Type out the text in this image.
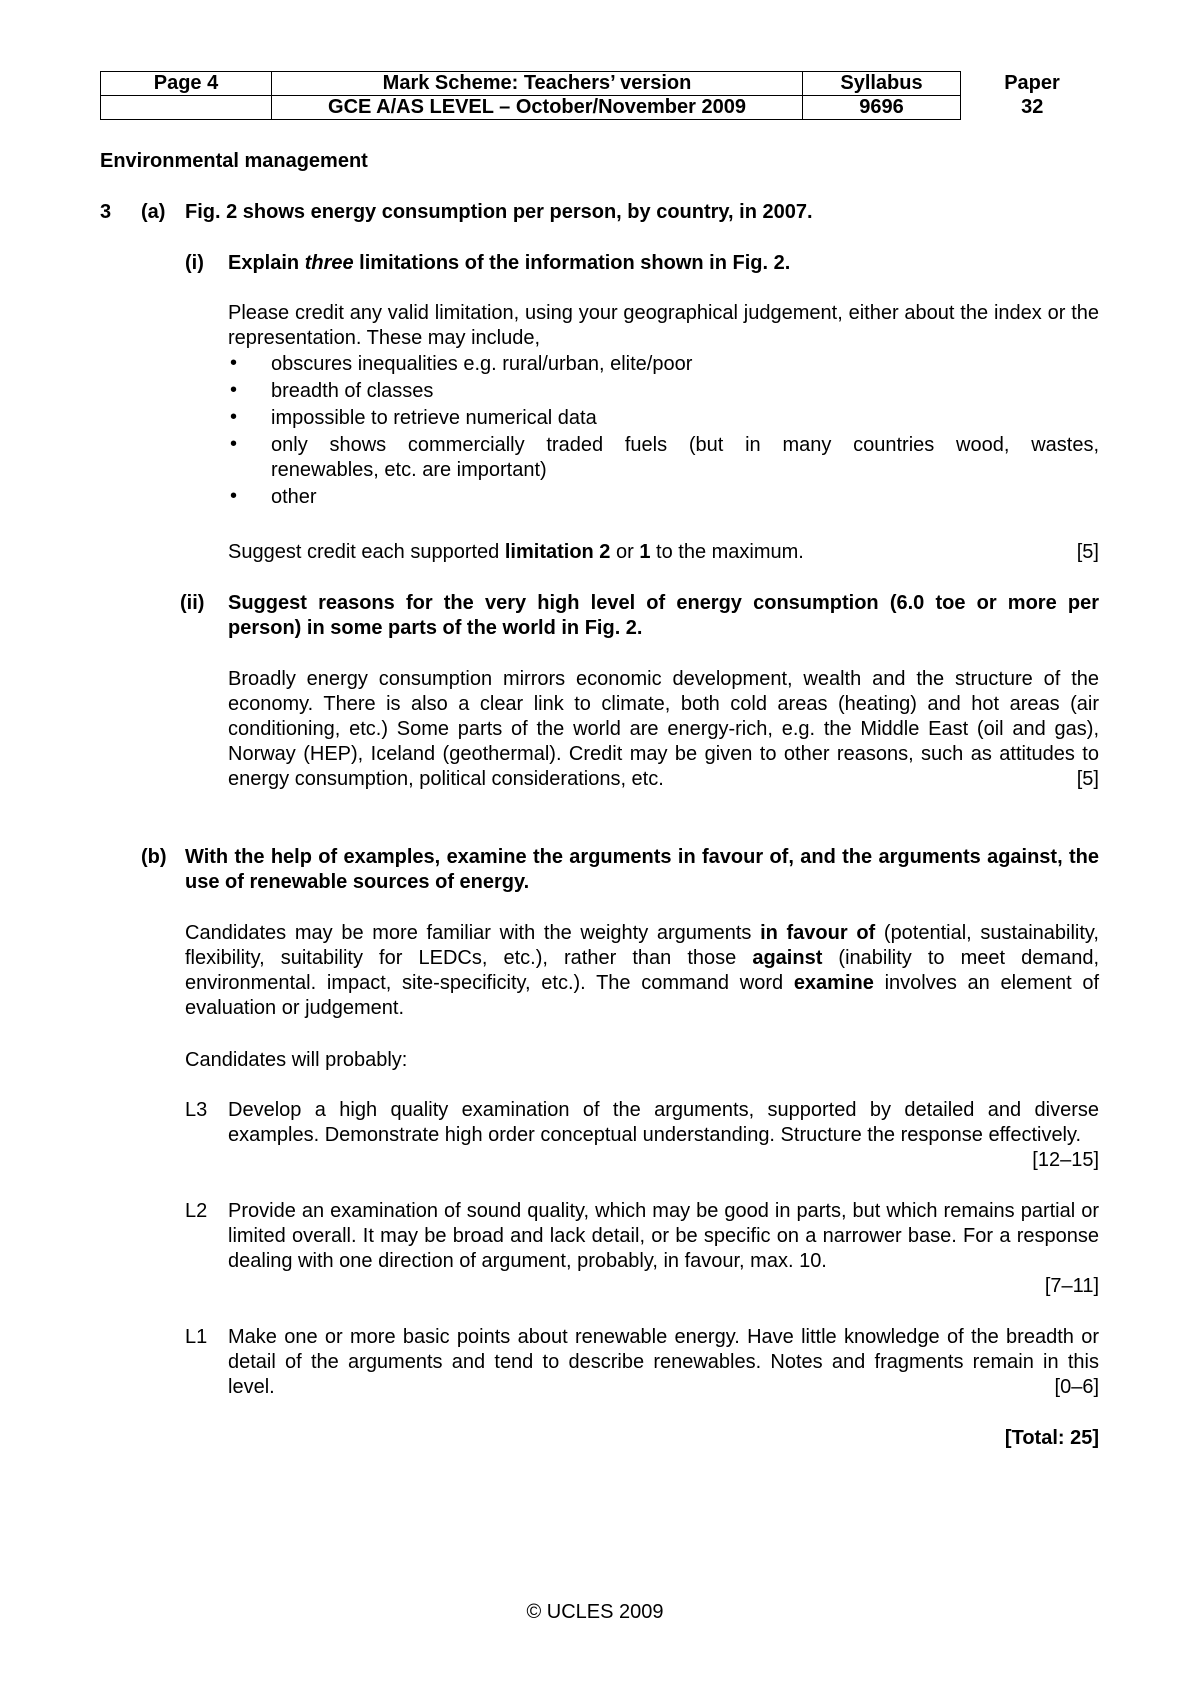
Page 4	Mark Scheme: Teachers’ version	Syllabus	Paper
	GCE A/AS LEVEL – October/November 2009	9696	32
Environmental management
3 (a) Fig. 2 shows energy consumption per person, by country, in 2007.
(i) Explain three limitations of the information shown in Fig. 2.
Please credit any valid limitation, using your geographical judgement, either about the index or the representation. These may include,
• obscures inequalities e.g. rural/urban, elite/poor
• breadth of classes
• impossible to retrieve numerical data
• only shows commercially traded fuels (but in many countries wood, wastes,
renewables, etc. are important)
• other
Suggest credit each supported limitation 2 or 1 to the maximum.	[5]
(ii) Suggest reasons for the very high level of energy consumption (6.0 toe or more per person) in some parts of the world in Fig. 2.
Broadly energy consumption mirrors economic development, wealth and the structure of the economy. There is also a clear link to climate, both cold areas (heating) and hot areas (air conditioning, etc.) Some parts of the world are energy-rich, e.g. the Middle East (oil and gas), Norway (HEP), Iceland (geothermal). Credit may be given to other reasons, such as attitudes to energy consumption, political considerations, etc.	[5]
(b) With the help of examples, examine the arguments in favour of, and the arguments against, the use of renewable sources of energy.
Candidates may be more familiar with the weighty arguments in favour of (potential, sustainability, flexibility, suitability for LEDCs, etc.), rather than those against (inability to meet demand, environmental. impact, site-specificity, etc.). The command word examine involves an element of evaluation or judgement.
Candidates will probably:
L3 Develop a high quality examination of the arguments, supported by detailed and diverse examples. Demonstrate high order conceptual understanding. Structure the response effectively.
[12–15]
L2 Provide an examination of sound quality, which may be good in parts, but which remains partial or limited overall. It may be broad and lack detail, or be specific on a narrower base. For a response dealing with one direction of argument, probably, in favour, max. 10.
[7–11]
L1 Make one or more basic points about renewable energy. Have little knowledge of the breadth or detail of the arguments and tend to describe renewables. Notes and fragments remain in this level.	[0–6]
[Total: 25]
© UCLES 2009
